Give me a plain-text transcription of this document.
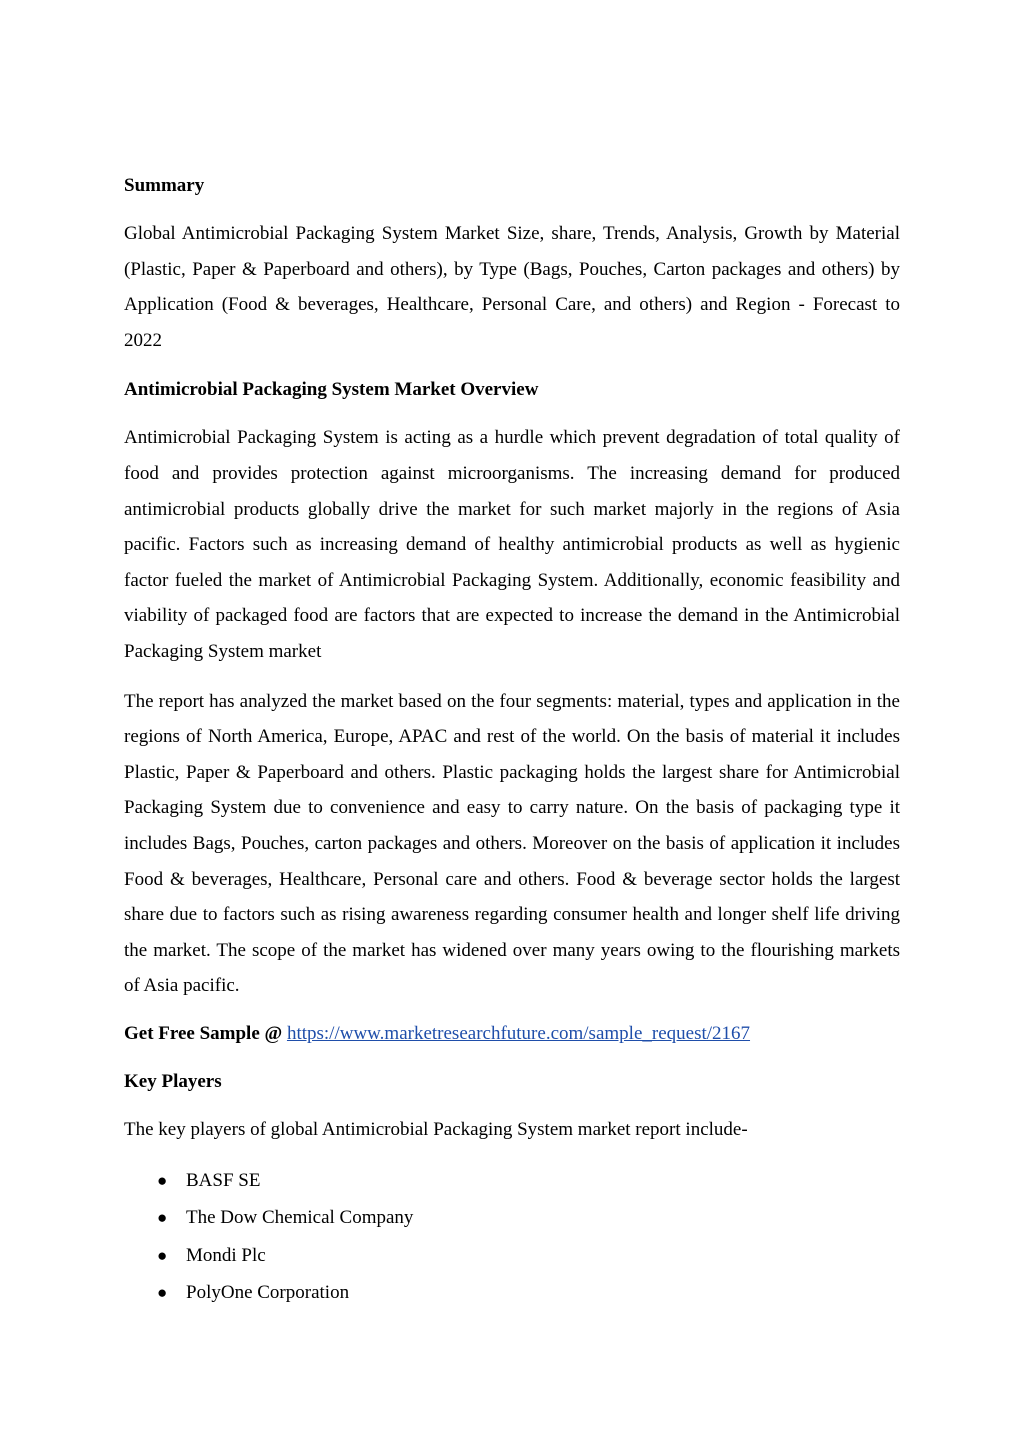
Summary

Global Antimicrobial Packaging System Market Size, share, Trends, Analysis, Growth by Material (Plastic, Paper & Paperboard and others), by Type (Bags, Pouches, Carton packages and others) by Application (Food & beverages, Healthcare, Personal Care, and others) and Region - Forecast to 2022

Antimicrobial Packaging System Market Overview

Antimicrobial Packaging System is acting as a hurdle which prevent degradation of total quality of food and provides protection against microorganisms. The increasing demand for produced antimicrobial products globally drive the market for such market majorly in the regions of Asia pacific. Factors such as increasing demand of healthy antimicrobial products as well as hygienic factor fueled the market of Antimicrobial Packaging System. Additionally, economic feasibility and viability of packaged food are factors that are expected to increase the demand in the Antimicrobial Packaging System market

The report has analyzed the market based on the four segments: material, types and application in the regions of North America, Europe, APAC and rest of the world. On the basis of material it includes Plastic, Paper & Paperboard and others. Plastic packaging holds the largest share for Antimicrobial Packaging System due to convenience and easy to carry nature. On the basis of packaging type it includes Bags, Pouches, carton packages and others. Moreover on the basis of application it includes Food & beverages, Healthcare, Personal care and others. Food & beverage sector holds the largest share due to factors such as rising awareness regarding consumer health and longer shelf life driving the market. The scope of the market has widened over many years owing to the flourishing markets of Asia pacific.

Get Free Sample @ https://www.marketresearchfuture.com/sample_request/2167

Key Players

The key players of global Antimicrobial Packaging System market report include-

● BASF SE
● The Dow Chemical Company
● Mondi Plc
● PolyOne Corporation
